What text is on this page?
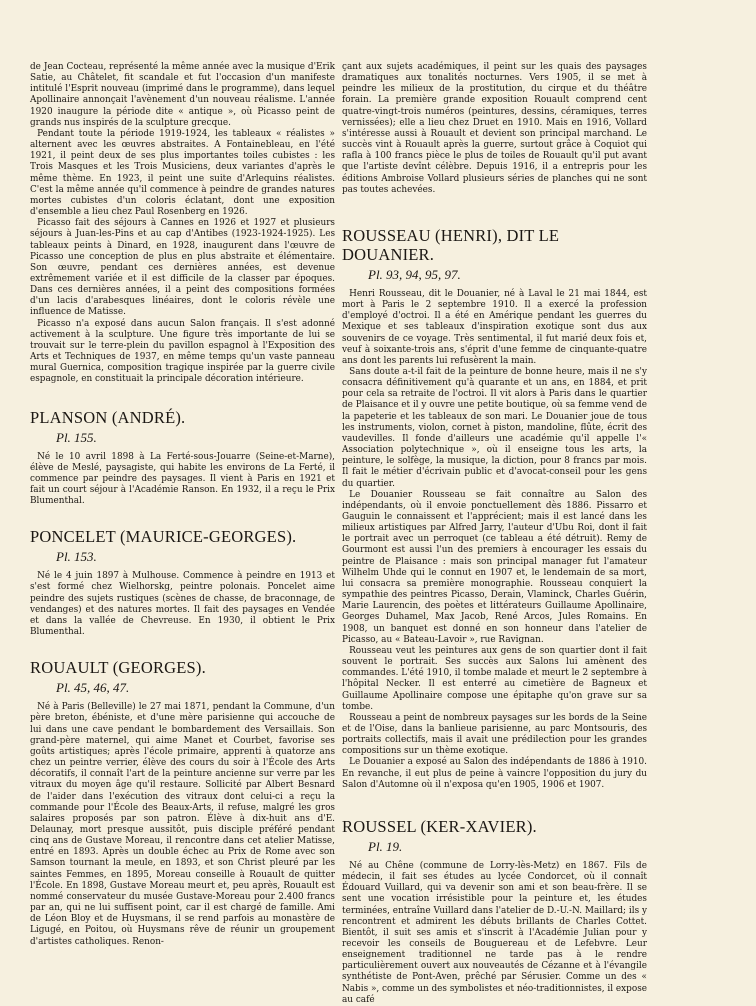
de Jean Cocteau, représenté la même année avec la musique d'Erik Satie, au Châtelet, fit scandale et fut l'occasion d'un manifeste intitulé l'Esprit nouveau (imprimé dans le programme), dans lequel Apollinaire annonçait l'avènement d'un nouveau réalisme. L'année 1920 inaugure la période dite « antique », où Picasso peint de grands nus inspirés de la sculpture grecque.

Pendant toute la période 1919-1924, les tableaux « réalistes » alternent avec les œuvres abstraites. A Fontainebleau, en l'été 1921, il peint deux de ses plus importantes toiles cubistes : les Trois Masques et les Trois Musiciens, deux variantes d'après le même thème. En 1923, il peint une suite d'Arlequins réalistes. C'est la même année qu'il commence à peindre de grandes natures mortes cubistes d'un coloris éclatant, dont une exposition d'ensemble a lieu chez Paul Rosenberg en 1926.

Picasso fait des séjours à Cannes en 1926 et 1927 et plusieurs séjours à Juan-les-Pins et au cap d'Antibes (1923-1924-1925). Les tableaux peints à Dinard, en 1928, inaugurent dans l'œuvre de Picasso une conception de plus en plus abstraite et élémentaire. Son œuvre, pendant ces dernières années, est devenue extrêmement variée et il est difficile de la classer par époques. Dans ces dernières années, il a peint des compositions formées d'un lacis d'arabesques linéaires, dont le coloris révèle une influence de Matisse.

Picasso n'a exposé dans aucun Salon français. Il s'est adonné activement à la sculpture. Une figure très importante de lui se trouvait sur le terre-plein du pavillon espagnol à l'Exposition des Arts et Techniques de 1937, en même temps qu'un vaste panneau mural Guernica, composition tragique inspirée par la guerre civile espagnole, en constituait la principale décoration intérieure.

PLANSON (ANDRÉ).
Pl. 155.

Né le 10 avril 1898 à La Ferté-sous-Jouarre (Seine-et-Marne), élève de Meslé, paysagiste, qui habite les environs de La Ferté, il commence par peindre des paysages. Il vient à Paris en 1921 et fait un court séjour à l'Académie Ranson. En 1932, il a reçu le Prix Blumenthal.

PONCELET (MAURICE-GEORGES).
Pl. 153.

Né le 4 juin 1897 à Mulhouse. Commence à peindre en 1913 et s'est formé chez Wielhorskg, peintre polonais. Poncelet aime peindre des sujets rustiques (scènes de chasse, de braconnage, de vendanges) et des natures mortes. Il fait des paysages en Vendée et dans la vallée de Chevreuse. En 1930, il obtient le Prix Blumenthal.

ROUAULT (GEORGES).
Pl. 45, 46, 47.

Né à Paris (Belleville) le 27 mai 1871, pendant la Commune, d'un père breton, ébéniste, et d'une mère parisienne qui accouche de lui dans une cave pendant le bombardement des Versaillais. Son grand-père maternel, qui aime Manet et Courbet, favorise ses goûts artistiques; après l'école primaire, apprenti à quatorze ans chez un peintre verrier, élève des cours du soir à l'École des Arts décoratifs, il connaît l'art de la peinture ancienne sur verre par les vitraux du moyen âge qu'il restaure. Sollicité par Albert Besnard de l'aider dans l'exécution des vitraux dont celui-ci a reçu la commande pour l'École des Beaux-Arts, il refuse, malgré les gros salaires proposés par son patron. Élève à dix-huit ans d'E. Delaunay, mort presque aussitôt, puis disciple préféré pendant cinq ans de Gustave Moreau, il rencontre dans cet atelier Matisse, entré en 1893. Après un double échec au Prix de Rome avec son Samson tournant la meule, en 1893, et son Christ pleuré par les saintes Femmes, en 1895, Moreau conseille à Rouault de quitter l'École. En 1898, Gustave Moreau meurt et, peu après, Rouault est nommé conservateur du musée Gustave-Moreau pour 2.400 francs par an, qui ne lui suffisent point, car il est chargé de famille. Ami de Léon Bloy et de Huysmans, il se rend parfois au monastère de Ligugé, en Poitou, où Huysmans rêve de réunir un groupement d'artistes catholiques. Renon-

çant aux sujets académiques, il peint sur les quais des paysages dramatiques aux tonalités nocturnes. Vers 1905, il se met à peindre les milieux de la prostitution, du cirque et du théâtre forain. La première grande exposition Rouault comprend cent quatre-vingt-trois numéros (peintures, dessins, céramiques, terres vernissées); elle a lieu chez Druet en 1910. Mais en 1916, Vollard s'intéresse aussi à Rouault et devient son principal marchand. Le succès vint à Rouault après la guerre, surtout grâce à Coquiot qui rafla à 100 francs pièce le plus de toiles de Rouault qu'il put avant que l'artiste devînt célèbre. Depuis 1916, il a entrepris pour les éditions Ambroise Vollard plusieurs séries de planches qui ne sont pas toutes achevées.

ROUSSEAU (HENRI), DIT LE DOUANIER.
Pl. 93, 94, 95, 97.

Henri Rousseau, dit le Douanier, né à Laval le 21 mai 1844, est mort à Paris le 2 septembre 1910. Il a exercé la profession d'employé d'octroi. Il a été en Amérique pendant les guerres du Mexique et ses tableaux d'inspiration exotique sont dus aux souvenirs de ce voyage. Très sentimental, il fut marié deux fois et, veuf à soixante-trois ans, s'éprit d'une femme de cinquante-quatre ans dont les parents lui refusèrent la main.

Sans doute a-t-il fait de la peinture de bonne heure, mais il ne s'y consacra définitivement qu'à quarante et un ans, en 1884, et prit pour cela sa retraite de l'octroi. Il vit alors à Paris dans le quartier de Plaisance et il y ouvre une petite boutique, où sa femme vend de la papeterie et les tableaux de son mari. Le Douanier joue de tous les instruments, violon, cornet à piston, mandoline, flûte, écrit des vaudevilles. Il fonde d'ailleurs une académie qu'il appelle l'« Association polytechnique », où il enseigne tous les arts, la peinture, le solfège, la musique, la diction, pour 8 francs par mois. Il fait le métier d'écrivain public et d'avocat-conseil pour les gens du quartier.

Le Douanier Rousseau se fait connaître au Salon des indépendants, où il envoie ponctuellement dès 1886. Pissarro et Gauguin le connaissent et l'apprécient; mais il est lancé dans les milieux artistiques par Alfred Jarry, l'auteur d'Ubu Roi, dont il fait le portrait avec un perroquet (ce tableau a été détruit). Remy de Gourmont est aussi l'un des premiers à encourager les essais du peintre de Plaisance : mais son principal manager fut l'amateur Wilhelm Uhde qui le connut en 1907 et, le lendemain de sa mort, lui consacra sa première monographie. Rousseau conquiert la sympathie des peintres Picasso, Derain, Vlaminck, Charles Guérin, Marie Laurencin, des poètes et littérateurs Guillaume Apollinaire, Georges Duhamel, Max Jacob, René Arcos, Jules Romains. En 1908, un banquet est donné en son honneur dans l'atelier de Picasso, au « Bateau-Lavoir », rue Ravignan.

Rousseau veut les peintures aux gens de son quartier dont il fait souvent le portrait. Ses succès aux Salons lui amènent des commandes. L'été 1910, il tombe malade et meurt le 2 septembre à l'hôpital Necker. Il est enterré au cimetière de Bagneux et Guillaume Apollinaire compose une épitaphe qu'on grave sur sa tombe.

Rousseau a peint de nombreux paysages sur les bords de la Seine et de l'Oise, dans la banlieue parisienne, au parc Montsouris, des portraits collectifs, mais il avait une prédilection pour les grandes compositions sur un thème exotique.

Le Douanier a exposé au Salon des indépendants de 1886 à 1910. En revanche, il eut plus de peine à vaincre l'opposition du jury du Salon d'Automne où il n'exposa qu'en 1905, 1906 et 1907.

ROUSSEL (KER-XAVIER).
Pl. 19.

Né au Chêne (commune de Lorry-lès-Metz) en 1867. Fils de médecin, il fait ses études au lycée Condorcet, où il connaît Édouard Vuillard, qui va devenir son ami et son beau-frère. Il se sent une vocation irrésistible pour la peinture et, les études terminées, entraîne Vuillard dans l'atelier de D.-U.-N. Maillard; ils y rencontrent et admirent les débuts brillants de Charles Cottet. Bientôt, il suit ses amis et s'inscrit à l'Académie Julian pour y recevoir les conseils de Bouguereau et de Lefebvre. Leur enseignement traditionnel ne tarde pas à le rendre particulièrement ouvert aux nouveautés de Cézanne et à l'évangile synthétiste de Pont-Aven, prêché par Sérusier. Comme un des « Nabis », comme un des symbolistes et néo-traditionnistes, il expose au café
